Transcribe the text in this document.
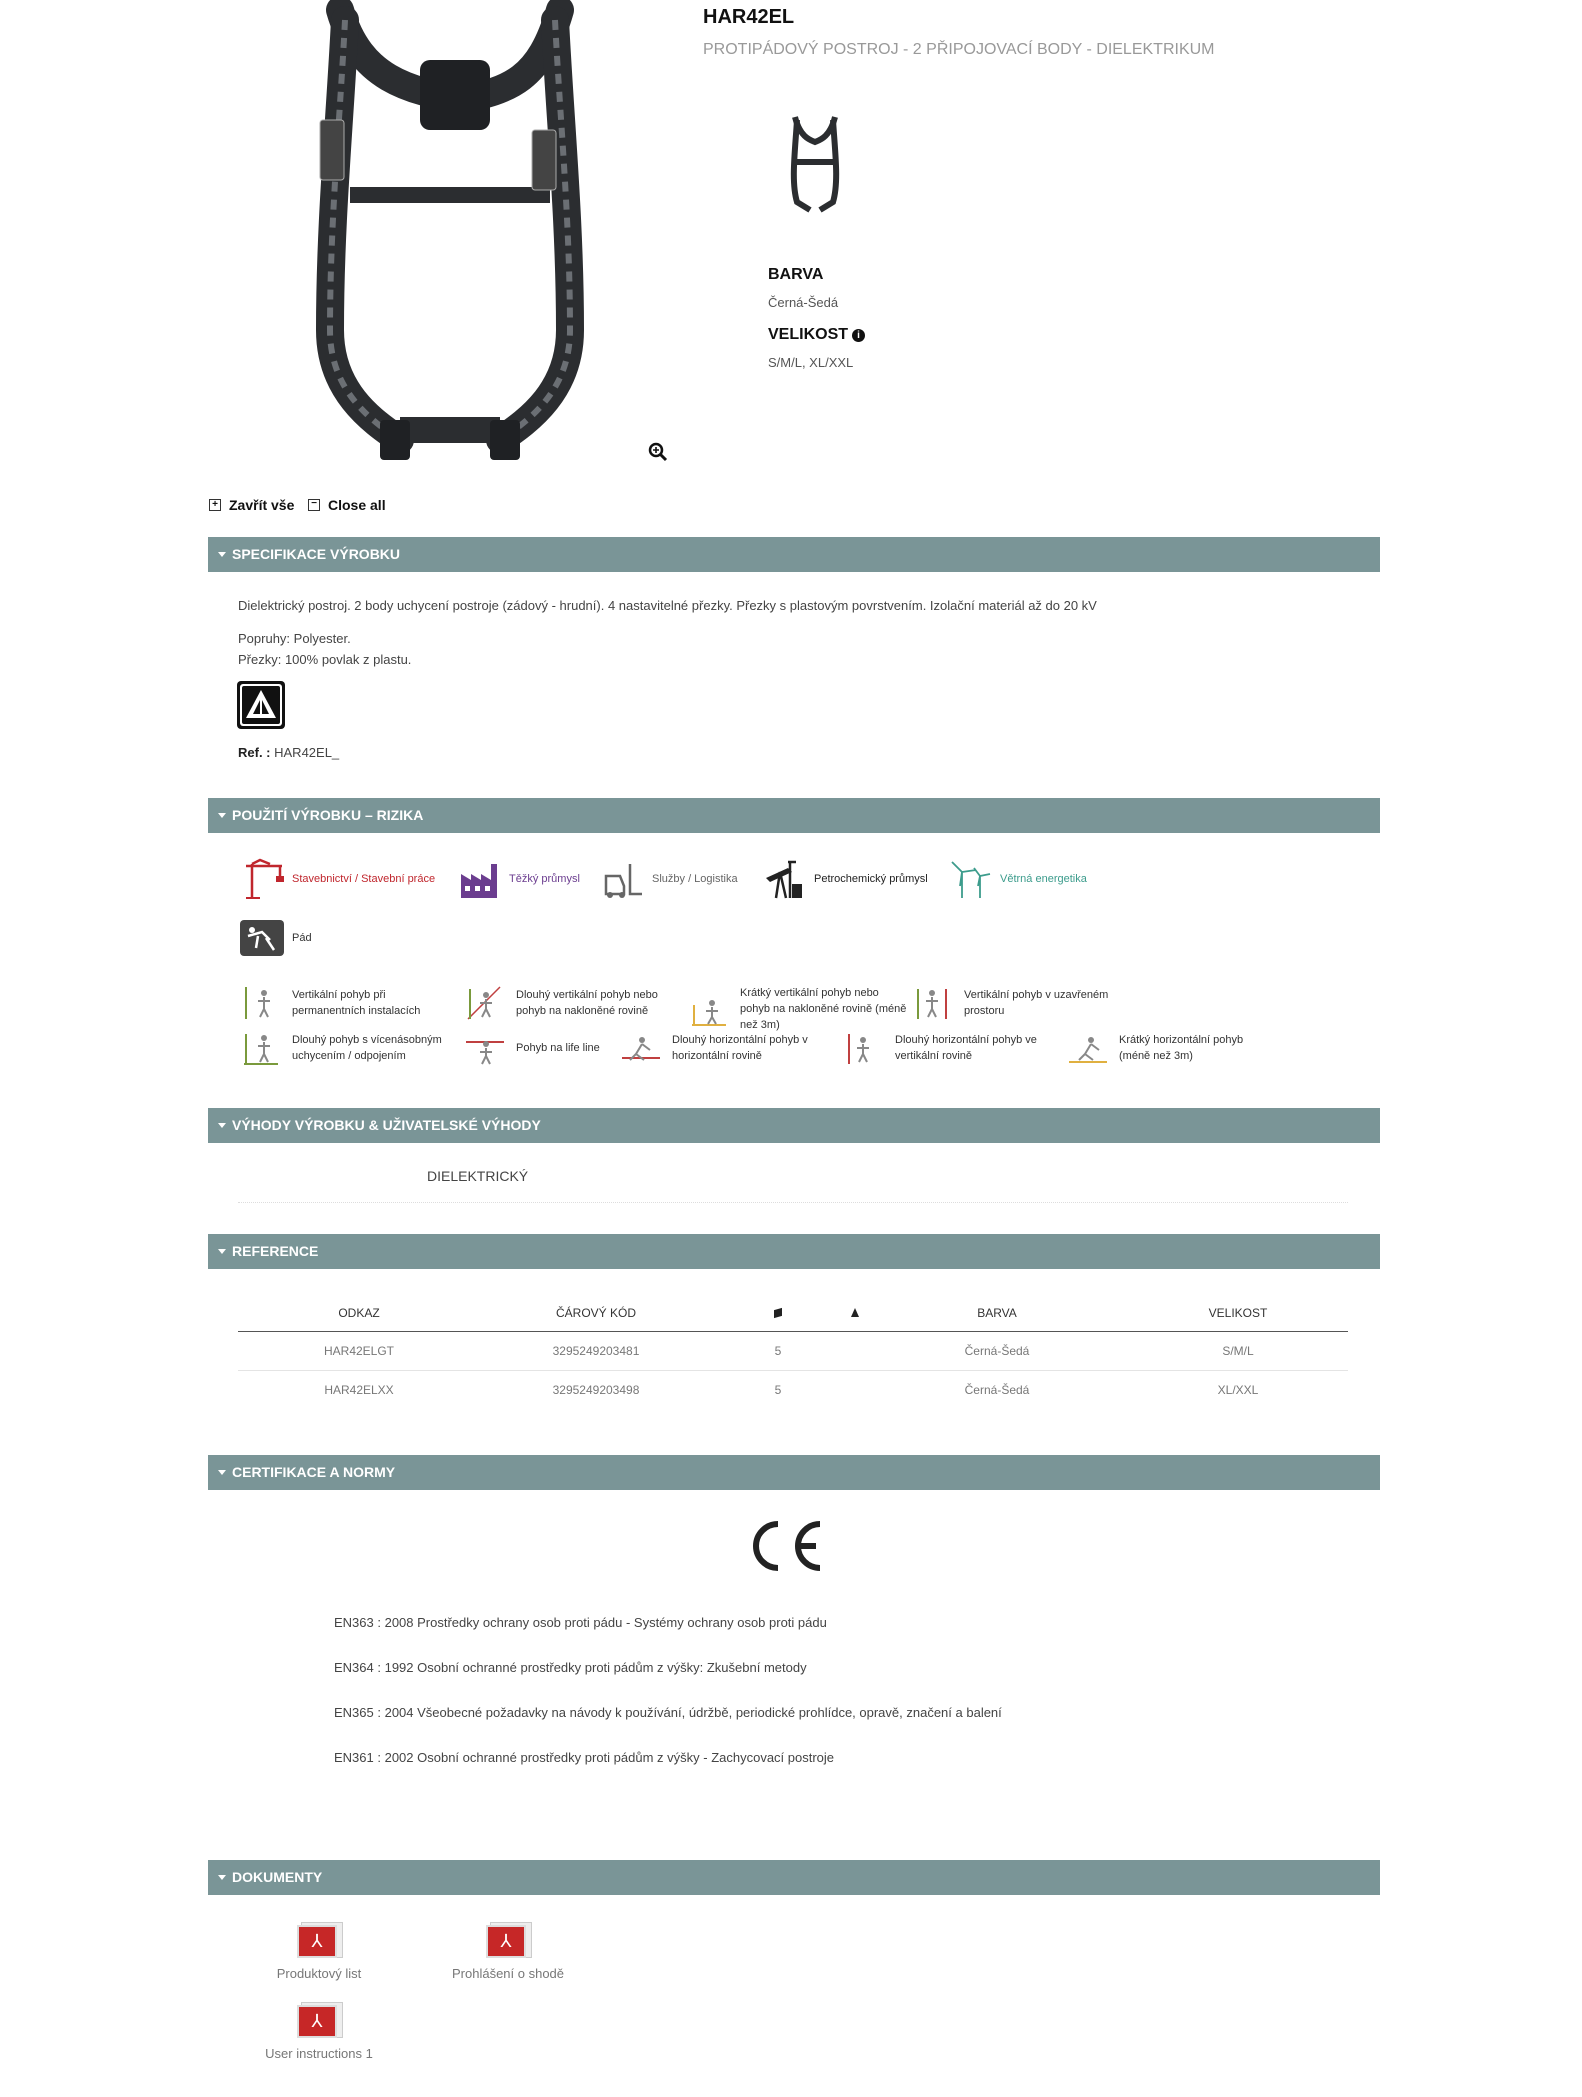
HAR42EL
PROTIPÁDOVÝ POSTROJ - 2 PŘIPOJOVACÍ BODY - DIELEKTRIKUM
BARVA
Černá-Šedá
VELIKOST i
S/M/L, XL/XXL
+ Zavřít vše	− Close all
SPECIFIKACE VÝROBKU
Dielektrický postroj. 2 body uchycení postroje (zádový - hrudní). 4 nastavitelné přezky. Přezky s plastovým povrstvením. Izolační materiál až do 20 kV
Popruhy: Polyester.
Přezky: 100% povlak z plastu.
Ref. : HAR42EL_
POUŽITÍ VÝROBKU – RIZIKA
Stavebnictví / Stavební práce	Těžký průmysl	Služby / Logistika	Petrochemický průmysl	Větrná energetika
Pád
Vertikální pohyb při permanentních instalacích
Dlouhý vertikální pohyb nebo pohyb na nakloněné rovině
Krátký vertikální pohyb nebo pohyb na nakloněné rovině (méně než 3m)
Vertikální pohyb v uzavřeném prostoru
Dlouhý pohyb s vícenásobným uchycením / odpojením
Pohyb na life line
Dlouhý horizontální pohyb v horizontální rovině
Dlouhý horizontální pohyb ve vertikální rovině
Krátký horizontální pohyb (méně než 3m)
VÝHODY VÝROBKU & UŽIVATELSKÉ VÝHODY
DIELEKTRICKÝ
REFERENCE
ODKAZ	ČÁROVÝ KÓD			BARVA	VELIKOST
HAR42ELGT	3295249203481	5		Černá-Šedá	S/M/L
HAR42ELXX	3295249203498	5		Černá-Šedá	XL/XXL
CERTIFIKACE A NORMY
EN363 : 2008 Prostředky ochrany osob proti pádu - Systémy ochrany osob proti pádu
EN364 : 1992 Osobní ochranné prostředky proti pádům z výšky: Zkušební metody
EN365 : 2004 Všeobecné požadavky na návody k používání, údržbě, periodické prohlídce, opravě, značení a balení
EN361 : 2002 Osobní ochranné prostředky proti pádům z výšky - Zachycovací postroje
DOKUMENTY
⅄
Produktový list
⅄
Prohlášení o shodě
⅄
User instructions 1
